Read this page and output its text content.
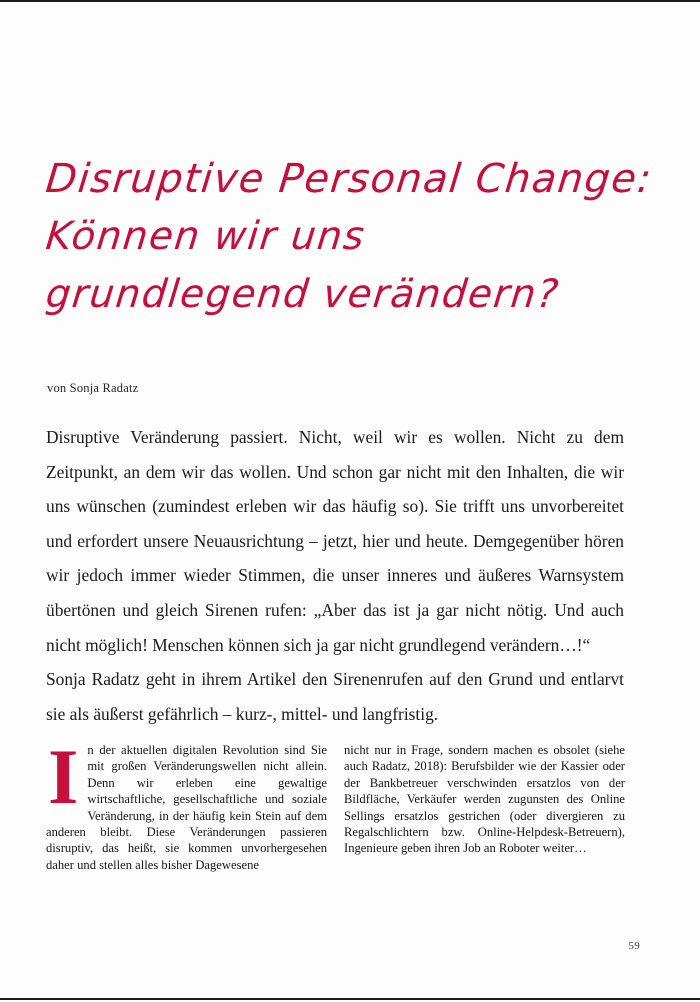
Disruptive Personal Change:
Können wir uns
grundlegend verändern?
von Sonja Radatz

Disruptive Veränderung passiert. Nicht, weil wir es wollen. Nicht zu dem Zeitpunkt, an dem wir das wollen. Und schon gar nicht mit den Inhalten, die wir uns wünschen (zumindest erleben wir das häufig so). Sie trifft uns unvorbereitet und erfordert unsere Neuausrichtung – jetzt, hier und heute. Demgegenüber hören wir jedoch immer wieder Stimmen, die unser inneres und äußeres Warnsystem übertönen und gleich Sirenen rufen: „Aber das ist ja gar nicht nötig. Und auch nicht möglich! Menschen können sich ja gar nicht grundlegend verändern…!“

Sonja Radatz geht in ihrem Artikel den Sirenenrufen auf den Grund und entlarvt sie als äußerst gefährlich – kurz-, mittel- und langfristig.

I n der aktuellen digitalen Revolution sind Sie mit großen Veränderungswellen nicht allein. Denn wir erleben eine gewaltige wirtschaftliche, gesellschaftliche und soziale Veränderung, in der häufig kein Stein auf dem anderen bleibt. Diese Veränderungen passieren disruptiv, das heißt, sie kommen unvorhergesehen daher und stellen alles bisher Dagewesene

nicht nur in Frage, sondern machen es obsolet (siehe auch Radatz, 2018): Berufsbilder wie der Kassier oder der Bankbetreuer verschwinden ersatzlos von der Bildfläche, Verkäufer werden zugunsten des Online Sellings ersatzlos gestrichen (oder divergieren zu Regalschlichtern bzw. Online-Helpdesk-Betreuern), Ingenieure geben ihren Job an Roboter weiter…

59
